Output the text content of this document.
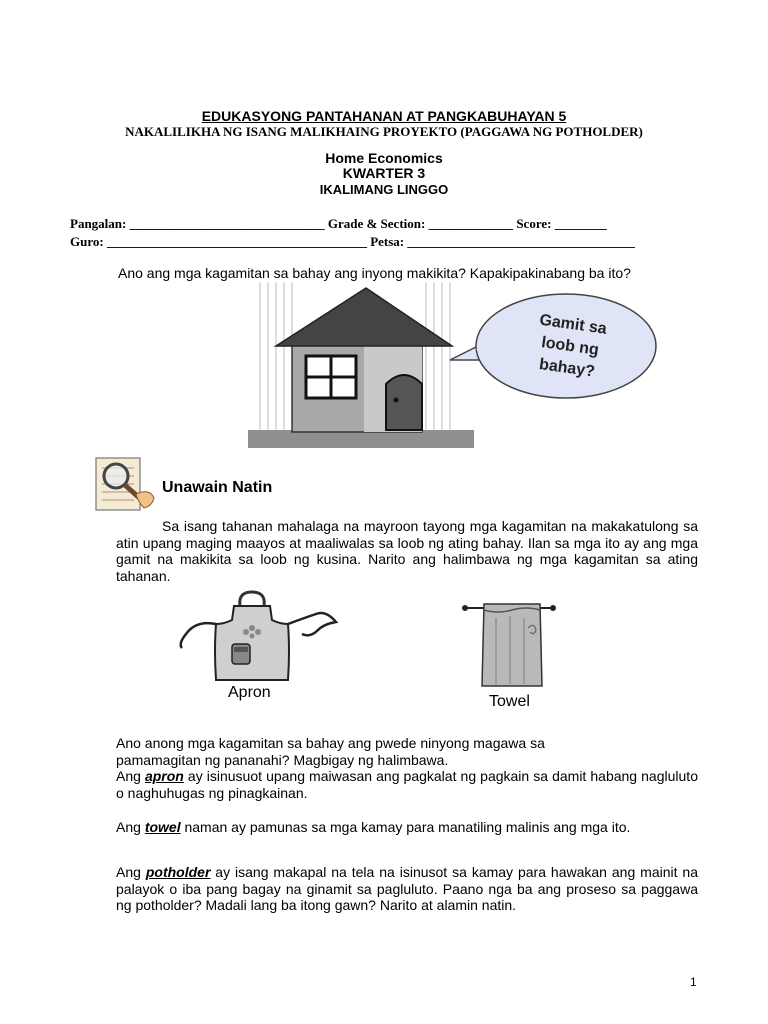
EDUKASYONG PANTAHANAN AT PANGKABUHAYAN 5
NAKALILIKHA NG ISANG MALIKHAING PROYEKTO (PAGGAWA NG POTHOLDER)
Home Economics
KWARTER 3
IKALIMANG LINGGO
Pangalan: ______________________________ Grade & Section: _____________ Score: ________
Guro: ________________________________________ Petsa: ___________________________________
Ano ang mga kagamitan sa bahay ang inyong makikita? Kapakipakinabang ba ito?
Gamit sa
loob ng
bahay?
Unawain Natin
Sa isang tahanan mahalaga na mayroon tayong mga kagamitan na makakatulong sa atin upang maging maayos at maaliwalas sa loob ng ating bahay. Ilan sa mga ito ay ang mga gamit na makikita sa loob ng kusina. Narito ang halimbawa ng mga kagamitan sa ating tahanan.
Apron
Towel
Ano anong mga kagamitan sa bahay ang pwede ninyong magawa sa pamamagitan ng pananahi? Magbigay ng halimbawa.
Ang apron ay isinusuot upang maiwasan ang pagkalat ng pagkain sa damit habang nagluluto o naghuhugas ng pinagkainan.
Ang towel naman ay pamunas sa mga kamay para manatiling malinis ang mga ito.
Ang potholder ay isang makapal na tela na isinusot sa kamay para hawakan ang mainit na palayok o iba pang bagay na ginamit sa pagluluto. Paano nga ba ang proseso sa paggawa ng potholder? Madali lang ba itong gawn? Narito at alamin natin.
1
